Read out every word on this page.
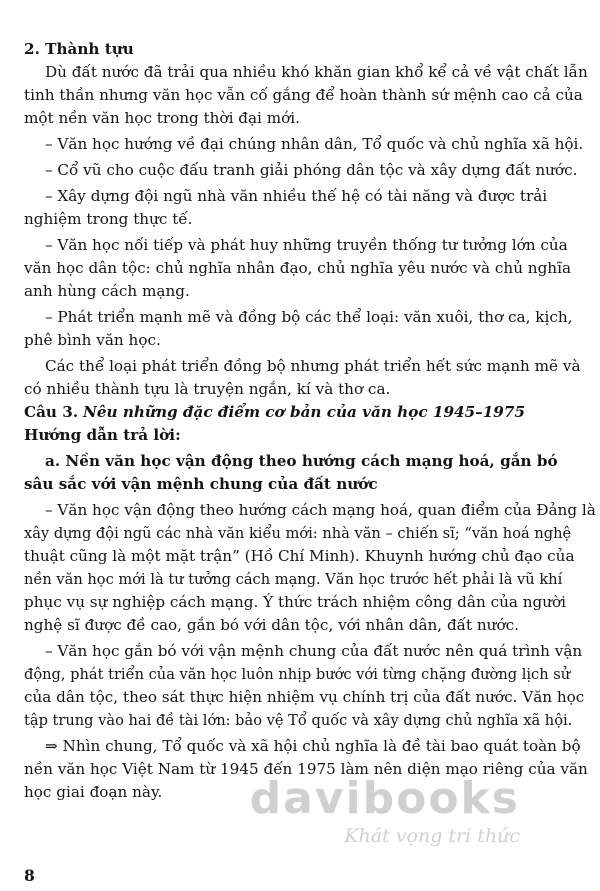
2. Thành tựu
Dù đất nước đã trải qua nhiều khó khăn gian khổ kể cả về vật chất lẫn
tinh thần nhưng văn học vẫn cố gắng để hoàn thành sứ mệnh cao cả của
một nền văn học trong thời đại mới.
– Văn học hướng về đại chúng nhân dân, Tổ quốc và chủ nghĩa xã hội.
– Cổ vũ cho cuộc đấu tranh giải phóng dân tộc và xây dựng đất nước.
– Xây dựng đội ngũ nhà văn nhiều thế hệ có tài năng và được trải
nghiệm trong thực tế.
– Văn học nối tiếp và phát huy những truyền thống tư tưởng lớn của
văn học dân tộc: chủ nghĩa nhân đạo, chủ nghĩa yêu nước và chủ nghĩa
anh hùng cách mạng.
– Phát triển mạnh mẽ và đồng bộ các thể loại: văn xuôi, thơ ca, kịch,
phê bình văn học.
Các thể loại phát triển đồng bộ nhưng phát triển hết sức mạnh mẽ và
có nhiều thành tựu là truyện ngắn, kí và thơ ca.
Câu 3. Nêu những đặc điểm cơ bản của văn học 1945–1975
Hướng dẫn trả lời:
a. Nền văn học vận động theo hướng cách mạng hoá, gắn bó
sâu sắc với vận mệnh chung của đất nước
– Văn học vận động theo hướng cách mạng hoá, quan điểm của Đảng là
xây dựng đội ngũ các nhà văn kiểu mới: nhà văn – chiến sĩ; “văn hoá nghệ
thuật cũng là một mặt trận” (Hồ Chí Minh). Khuynh hướng chủ đạo của
nền văn học mới là tư tưởng cách mạng. Văn học trước hết phải là vũ khí
phục vụ sự nghiệp cách mạng. Ý thức trách nhiệm công dân của người
nghệ sĩ được đề cao, gắn bó với dân tộc, với nhân dân, đất nước.
– Văn học gắn bó với vận mệnh chung của đất nước nên quá trình vận
động, phát triển của văn học luôn nhịp bước với từng chặng đường lịch sử
của dân tộc, theo sát thực hiện nhiệm vụ chính trị của đất nước. Văn học
tập trung vào hai đề tài lớn: bảo vệ Tổ quốc và xây dựng chủ nghĩa xã hội.
⇒ Nhìn chung, Tổ quốc và xã hội chủ nghĩa là đề tài bao quát toàn bộ
nền văn học Việt Nam từ 1945 đến 1975 làm nên diện mạo riêng của văn
học giai đoạn này.	davibooks
Khát vọng tri thức
8
